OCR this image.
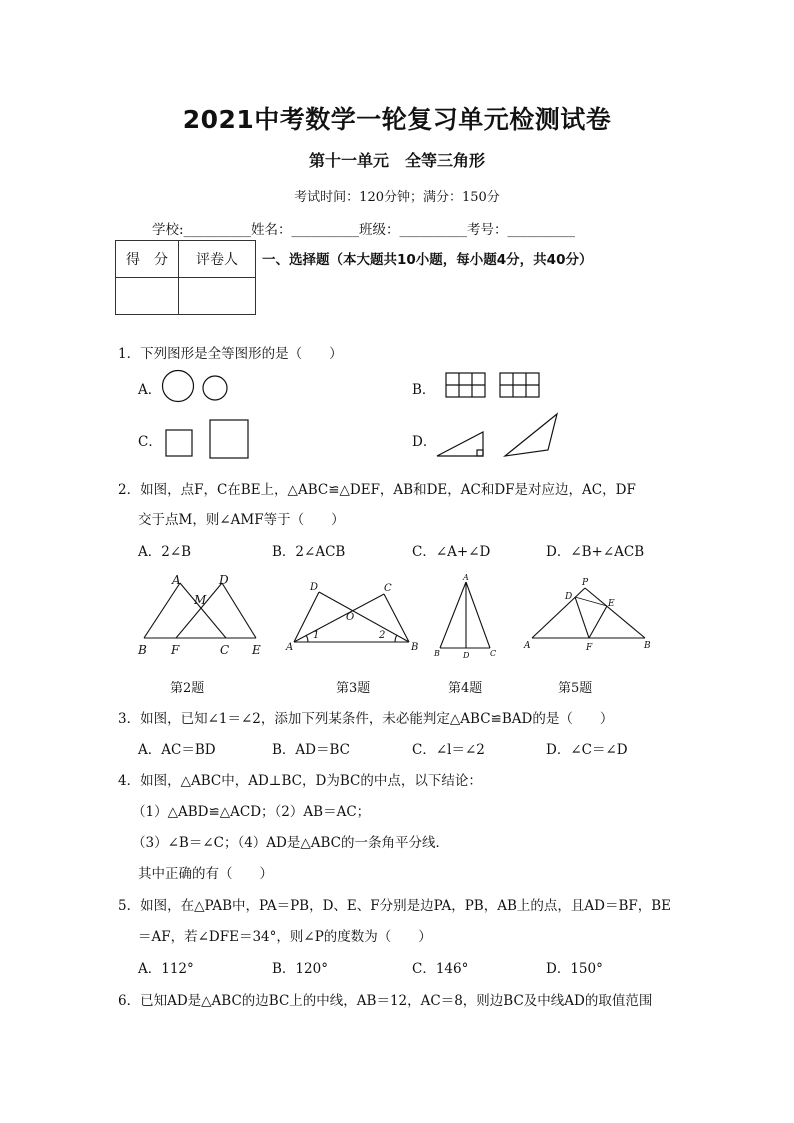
2021中考数学一轮复习单元检测试卷
第十一单元　全等三角形
考试时间：120分钟；满分：150分
学校:__________姓名：__________班级：__________考号：__________
得　分	评卷人
	一、选择题（本大题共10小题，每小题4分，共40分）
1．下列图形是全等图形的是（　　）
A．	B．
C．	D．
2．如图，点F，C在BE上，△ABC≌△DEF，AB和DE，AC和DF是对应边，AC，DF
交于点M，则∠AMF等于（　　）
A．2∠B	B．2∠ACB	C．∠A+∠D	D．∠B+∠ACB
A	D
M
B F	C E
第2题
D	C
O
1	2
A	B
第3题
A
B	D	C
第4题
P
D
E
A	F	B
第5题
3．如图，已知∠1＝∠2，添加下列某条件，未必能判定△ABC≌BAD的是（　　）
A．AC＝BD	B．AD＝BC	C．∠l＝∠2	D．∠C＝∠D
4．如图，△ABC中，AD⊥BC，D为BC的中点，以下结论：
（1）△ABD≌△ACD；（2）AB＝AC；
（3）∠B＝∠C；（4）AD是△ABC的一条角平分线．
其中正确的有（　　）
5．如图，在△PAB中，PA＝PB，D、E、F分别是边PA，PB，AB上的点，且AD＝BF，BE
＝AF，若∠DFE＝34°，则∠P的度数为（　　）
A．112°	B．120°	C．146°	D．150°
6．已知AD是△ABC的边BC上的中线，AB＝12，AC＝8，则边BC及中线AD的取值范围
